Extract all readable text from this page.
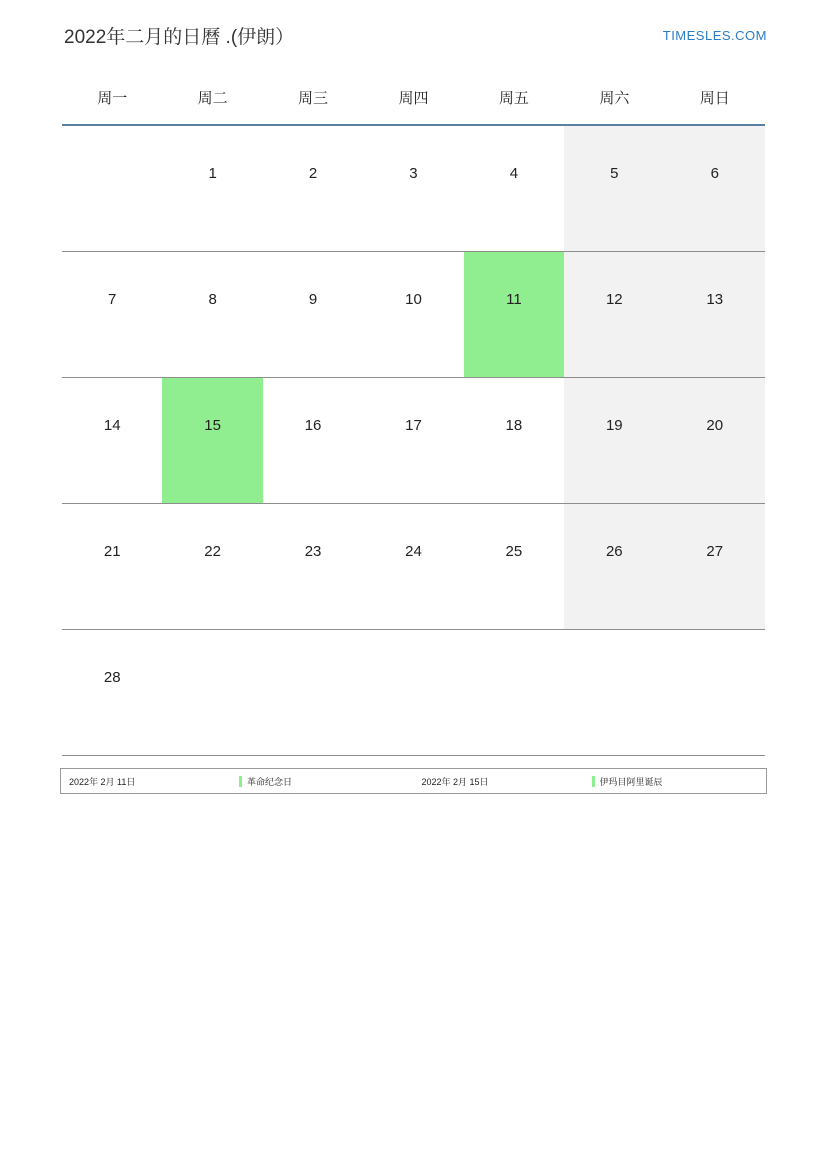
2022年二月的日曆 .(伊朗）	TIMESLES.COM
周一	周二	周三	周四	周五	周六	周日

	1	2	3	4	5	6

7	8	9	10	11	12	13

14	15	16	17	18	19	20

21	22	23	24	25	26	27

28						

2022年 2月 11日	革命纪念日	2022年 2月 15日	伊玛目阿里诞辰
